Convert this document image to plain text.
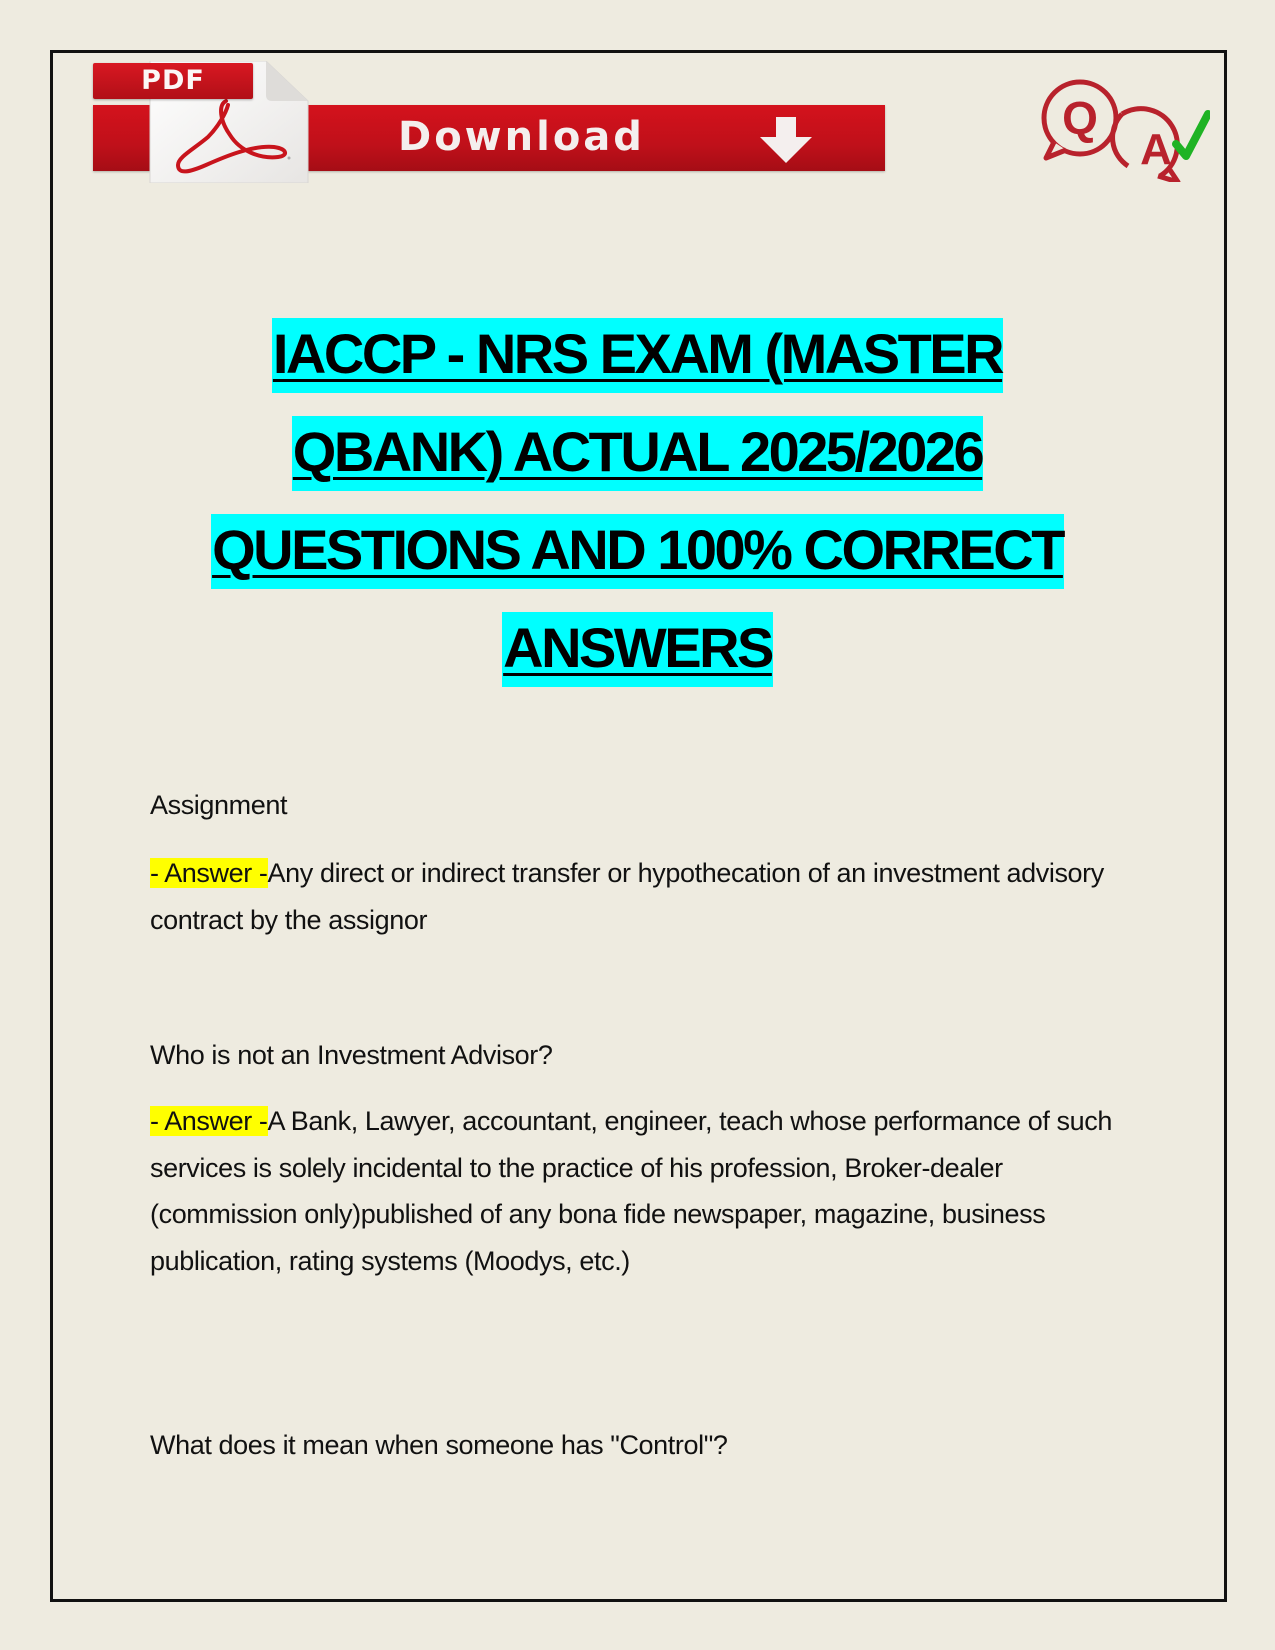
Download
PDF
Q
A
IACCP - NRS EXAM (MASTER
QBANK) ACTUAL 2025/2026
QUESTIONS AND 100% CORRECT
ANSWERS
Assignment
- Answer -Any direct or indirect transfer or hypothecation of an investment advisory contract by the assignor
Who is not an Investment Advisor?
- Answer -A Bank, Lawyer, accountant, engineer, teach whose performance of such services is solely incidental to the practice of his profession, Broker-dealer (commission only)published of any bona fide newspaper, magazine, business publication, rating systems (Moodys, etc.)
What does it mean when someone has "Control"?
